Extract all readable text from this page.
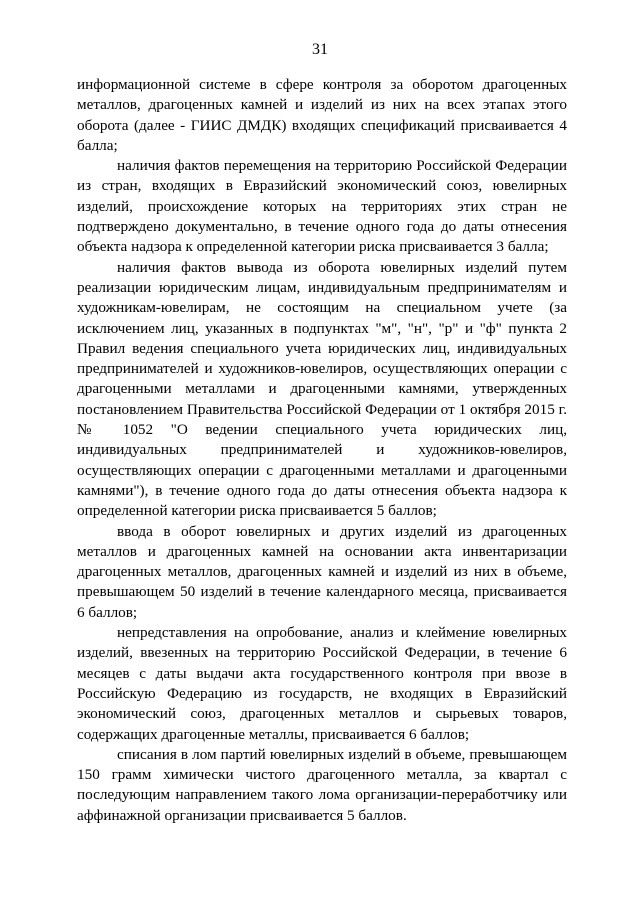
31

информационной системе в сфере контроля за оборотом драгоценных металлов, драгоценных камней и изделий из них на всех этапах этого оборота (далее - ГИИС ДМДК) входящих спецификаций присваивается 4 балла;

наличия фактов перемещения на территорию Российской Федерации из стран, входящих в Евразийский экономический союз, ювелирных изделий, происхождение которых на территориях этих стран не подтверждено документально, в течение одного года до даты отнесения объекта надзора к определенной категории риска присваивается 3 балла;

наличия фактов вывода из оборота ювелирных изделий путем реализации юридическим лицам, индивидуальным предпринимателям и художникам-ювелирам, не состоящим на специальном учете (за исключением лиц, указанных в подпунктах "м", "н", "р" и "ф" пункта 2 Правил ведения специального учета юридических лиц, индивидуальных предпринимателей и художников-ювелиров, осуществляющих операции с драгоценными металлами и драгоценными камнями, утвержденных постановлением Правительства Российской Федерации от 1 октября 2015 г. № 1052 "О ведении специального учета юридических лиц, индивидуальных предпринимателей и художников-ювелиров, осуществляющих операции с драгоценными металлами и драгоценными камнями"), в течение одного года до даты отнесения объекта надзора к определенной категории риска присваивается 5 баллов;

ввода в оборот ювелирных и других изделий из драгоценных металлов и драгоценных камней на основании акта инвентаризации драгоценных металлов, драгоценных камней и изделий из них в объеме, превышающем 50 изделий в течение календарного месяца, присваивается 6 баллов;

непредставления на опробование, анализ и клеймение ювелирных изделий, ввезенных на территорию Российской Федерации, в течение 6 месяцев с даты выдачи акта государственного контроля при ввозе в Российскую Федерацию из государств, не входящих в Евразийский экономический союз, драгоценных металлов и сырьевых товаров, содержащих драгоценные металлы, присваивается 6 баллов;

списания в лом партий ювелирных изделий в объеме, превышающем 150 грамм химически чистого драгоценного металла, за квартал с последующим направлением такого лома организации-переработчику или аффинажной организации присваивается 5 баллов.
